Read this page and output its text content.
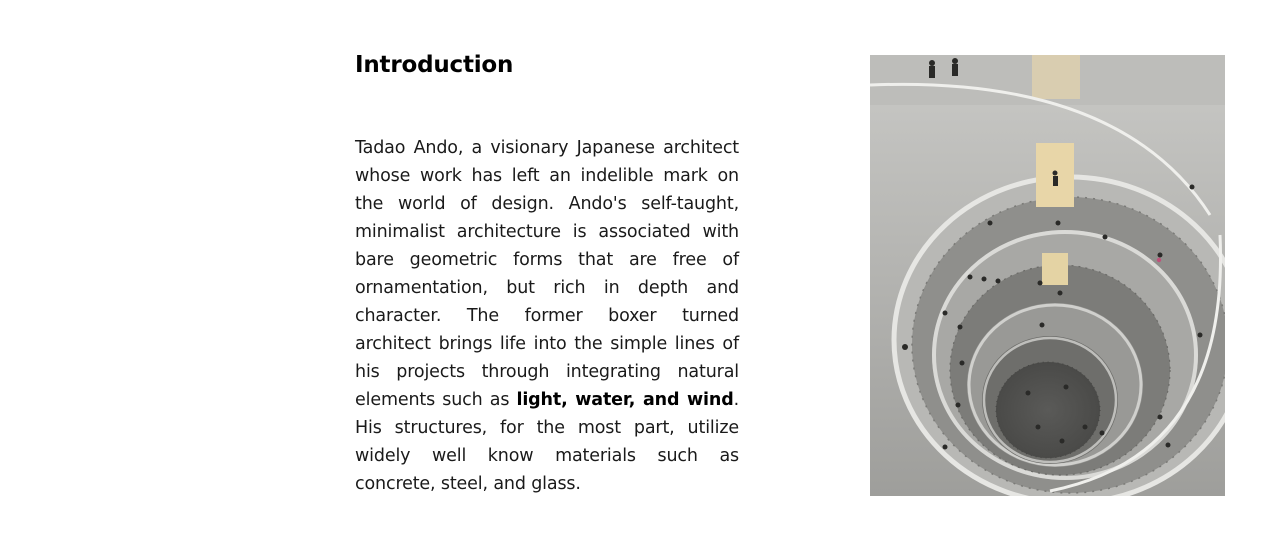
Introduction

Tadao Ando, a visionary Japanese architect whose work has left an indelible mark on the world of design. Ando's self-taught, minimalist architecture is associated with bare geometric forms that are free of ornamentation, but rich in depth and character. The former boxer turned architect brings life into the simple lines of his projects through integrating natural elements such as light, water, and wind. His structures, for the most part, utilize widely well know materials such as concrete, steel, and glass.
